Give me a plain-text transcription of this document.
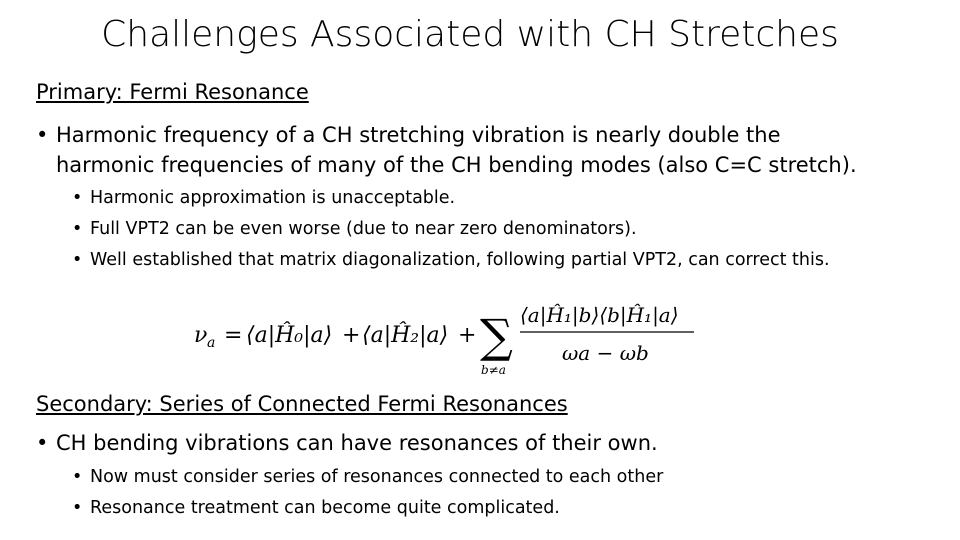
Challenges Associated with CH Stretches
Primary: Fermi Resonance
• Harmonic frequency of a CH stretching vibration is nearly double the
harmonic frequencies of many of the CH bending modes (also C=C stretch).
• Harmonic approximation is unacceptable.
• Full VPT2 can be even worse (due to near zero denominators).
• Well established that matrix diagonalization, following partial VPT2, can correct this.
ν a = ⟨a|Ĥ₀|a⟩ + ⟨a|Ĥ₂|a⟩ + ∑
b≠a
⟨a|Ĥ₁|b⟩⟨b|Ĥ₁|a⟩
ωa − ωb
Secondary: Series of Connected Fermi Resonances
• CH bending vibrations can have resonances of their own.
• Now must consider series of resonances connected to each other
• Resonance treatment can become quite complicated.
